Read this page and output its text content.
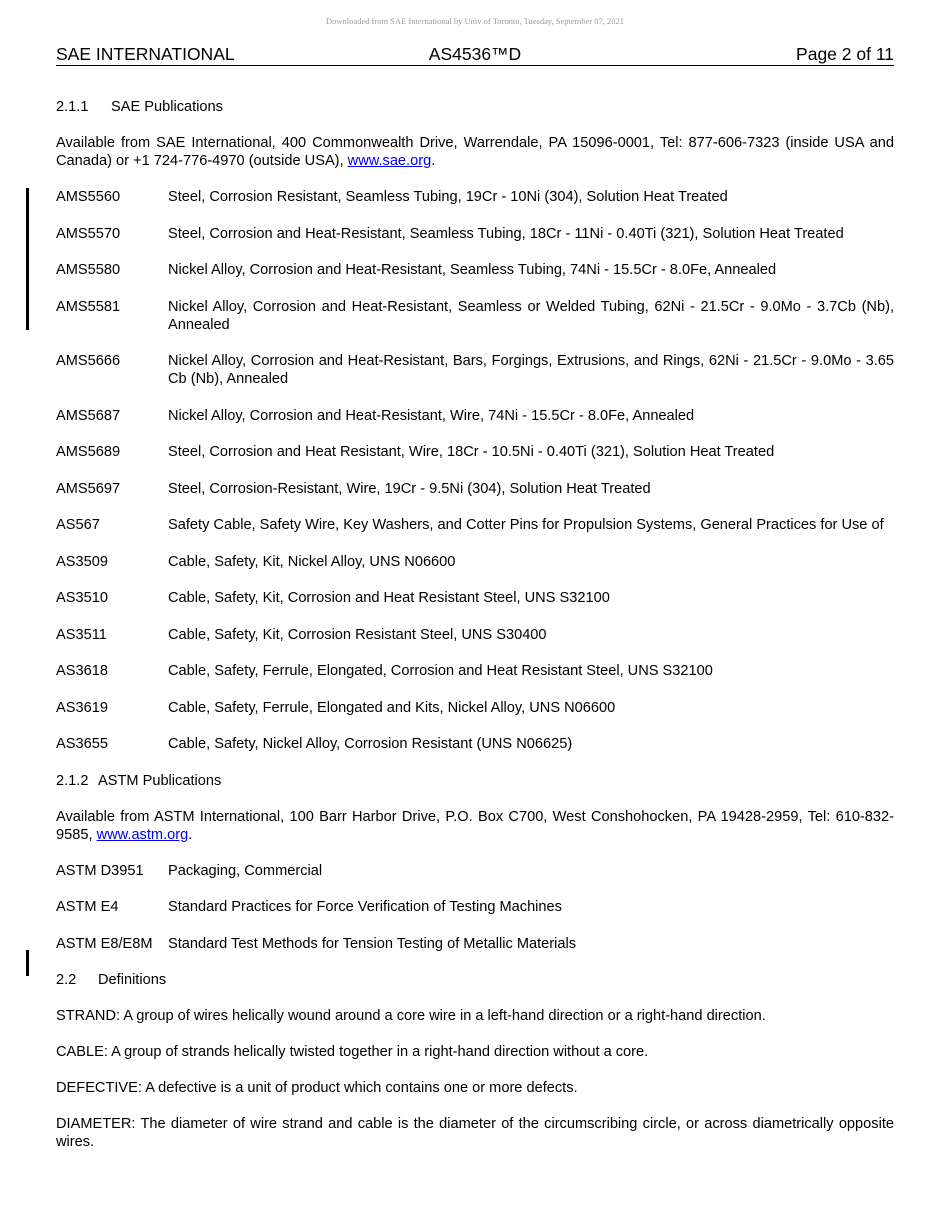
Downloaded from SAE International by Univ of Toronto, Tuesday, September 07, 2021
SAE INTERNATIONAL	AS4536™D	Page 2 of 11
2.1.1 SAE Publications
Available from SAE International, 400 Commonwealth Drive, Warrendale, PA 15096-0001, Tel: 877-606-7323 (inside USA and Canada) or +1 724-776-4970 (outside USA), www.sae.org.
AMS5560	Steel, Corrosion Resistant, Seamless Tubing, 19Cr - 10Ni (304), Solution Heat Treated
AMS5570	Steel, Corrosion and Heat-Resistant, Seamless Tubing, 18Cr - 11Ni - 0.40Ti (321), Solution Heat Treated
AMS5580	Nickel Alloy, Corrosion and Heat-Resistant, Seamless Tubing, 74Ni - 15.5Cr - 8.0Fe, Annealed
AMS5581	Nickel Alloy, Corrosion and Heat-Resistant, Seamless or Welded Tubing, 62Ni - 21.5Cr - 9.0Mo - 3.7Cb (Nb), Annealed
AMS5666	Nickel Alloy, Corrosion and Heat-Resistant, Bars, Forgings, Extrusions, and Rings, 62Ni - 21.5Cr - 9.0Mo - 3.65 Cb (Nb), Annealed
AMS5687	Nickel Alloy, Corrosion and Heat-Resistant, Wire, 74Ni - 15.5Cr - 8.0Fe, Annealed
AMS5689	Steel, Corrosion and Heat Resistant, Wire, 18Cr - 10.5Ni - 0.40Ti (321), Solution Heat Treated
AMS5697	Steel, Corrosion-Resistant, Wire, 19Cr - 9.5Ni (304), Solution Heat Treated
AS567	Safety Cable, Safety Wire, Key Washers, and Cotter Pins for Propulsion Systems, General Practices for Use of
AS3509	Cable, Safety, Kit, Nickel Alloy, UNS N06600
AS3510	Cable, Safety, Kit, Corrosion and Heat Resistant Steel, UNS S32100
AS3511	Cable, Safety, Kit, Corrosion Resistant Steel, UNS S30400
AS3618	Cable, Safety, Ferrule, Elongated, Corrosion and Heat Resistant Steel, UNS S32100
AS3619	Cable, Safety, Ferrule, Elongated and Kits, Nickel Alloy, UNS N06600
AS3655	Cable, Safety, Nickel Alloy, Corrosion Resistant (UNS N06625)
2.1.2 ASTM Publications
Available from ASTM International, 100 Barr Harbor Drive, P.O. Box C700, West Conshohocken, PA 19428-2959, Tel: 610-832-9585, www.astm.org.
ASTM D3951	Packaging, Commercial
ASTM E4	Standard Practices for Force Verification of Testing Machines
ASTM E8/E8M	Standard Test Methods for Tension Testing of Metallic Materials
2.2 Definitions
STRAND: A group of wires helically wound around a core wire in a left-hand direction or a right-hand direction.
CABLE: A group of strands helically twisted together in a right-hand direction without a core.
DEFECTIVE: A defective is a unit of product which contains one or more defects.
DIAMETER: The diameter of wire strand and cable is the diameter of the circumscribing circle, or across diametrically opposite wires.
